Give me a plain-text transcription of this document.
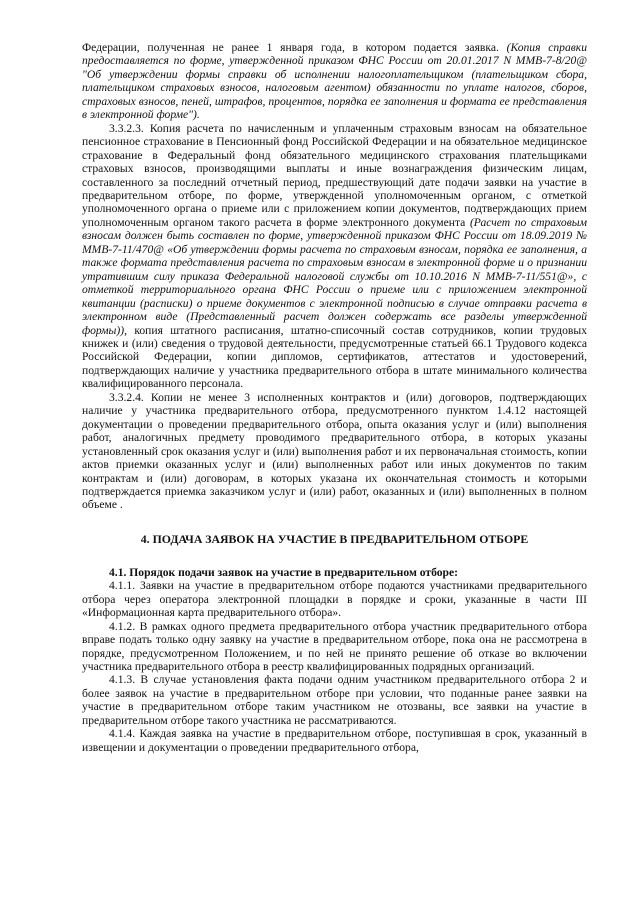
Федерации, полученная не ранее 1 января года, в котором подается заявка. (Копия справки предоставляется по форме, утвержденной приказом ФНС России от 20.01.2017 N ММВ-7-8/20@ "Об утверждении формы справки об исполнении налогоплательщиком (плательщиком сбора, плательщиком страховых взносов, налоговым агентом) обязанности по уплате налогов, сборов, страховых взносов, пеней, штрафов, процентов, порядка ее заполнения и формата ее представления в электронной форме").

3.3.2.3. Копия расчета по начисленным и уплаченным страховым взносам на обязательное пенсионное страхование в Пенсионный фонд Российской Федерации и на обязательное медицинское страхование в Федеральный фонд обязательного медицинского страхования плательщиками страховых взносов, производящими выплаты и иные вознаграждения физическим лицам, составленного за последний отчетный период, предшествующий дате подачи заявки на участие в предварительном отборе, по форме, утвержденной уполномоченным органом, с отметкой уполномоченного органа о приеме или с приложением копии документов, подтверждающих прием уполномоченным органом такого расчета в форме электронного документа (Расчет по страховым взносам должен быть составлен по форме, утвержденной приказом ФНС России от 18.09.2019 № ММВ-7-11/470@ «Об утверждении формы расчета по страховым взносам, порядка ее заполнения, а также формата представления расчета по страховым взносам в электронной форме и о признании утратившим силу приказа Федеральной налоговой службы от 10.10.2016 N ММВ-7-11/551@», с отметкой территориального органа ФНС России о приеме или с приложением электронной квитанции (расписки) о приеме документов с электронной подписью в случае отправки расчета в электронном виде (Представленный расчет должен содержать все разделы утвержденной формы)), копия штатного расписания, штатно-списочный состав сотрудников, копии трудовых книжек и (или) сведения о трудовой деятельности, предусмотренные статьей 66.1 Трудового кодекса Российской Федерации, копии дипломов, сертификатов, аттестатов и удостоверений, подтверждающих наличие у участника предварительного отбора в штате минимального количества квалифицированного персонала.

3.3.2.4. Копии не менее 3 исполненных контрактов и (или) договоров, подтверждающих наличие у участника предварительного отбора, предусмотренного пунктом 1.4.12 настоящей документации о проведении предварительного отбора, опыта оказания услуг и (или) выполнения работ, аналогичных предмету проводимого предварительного отбора, в которых указаны установленный срок оказания услуг и (или) выполнения работ и их первоначальная стоимость, копии актов приемки оказанных услуг и (или) выполненных работ или иных документов по таким контрактам и (или) договорам, в которых указана их окончательная стоимость и которыми подтверждается приемка заказчиком услуг и (или) работ, оказанных и (или) выполненных в полном объеме .

4. ПОДАЧА ЗАЯВОК НА УЧАСТИЕ В ПРЕДВАРИТЕЛЬНОМ ОТБОРЕ

4.1. Порядок подачи заявок на участие в предварительном отборе:

4.1.1. Заявки на участие в предварительном отборе подаются участниками предварительного отбора через оператора электронной площадки в порядке и сроки, указанные в части III «Информационная карта предварительного отбора».

4.1.2. В рамках одного предмета предварительного отбора участник предварительного отбора вправе подать только одну заявку на участие в предварительном отборе, пока она не рассмотрена в порядке, предусмотренном Положением, и по ней не принято решение об отказе во включении участника предварительного отбора в реестр квалифицированных подрядных организаций.

4.1.3. В случае установления факта подачи одним участником предварительного отбора 2 и более заявок на участие в предварительном отборе при условии, что поданные ранее заявки на участие в предварительном отборе таким участником не отозваны, все заявки на участие в предварительном отборе такого участника не рассматриваются.

4.1.4. Каждая заявка на участие в предварительном отборе, поступившая в срок, указанный в извещении и документации о проведении предварительного отбора,
